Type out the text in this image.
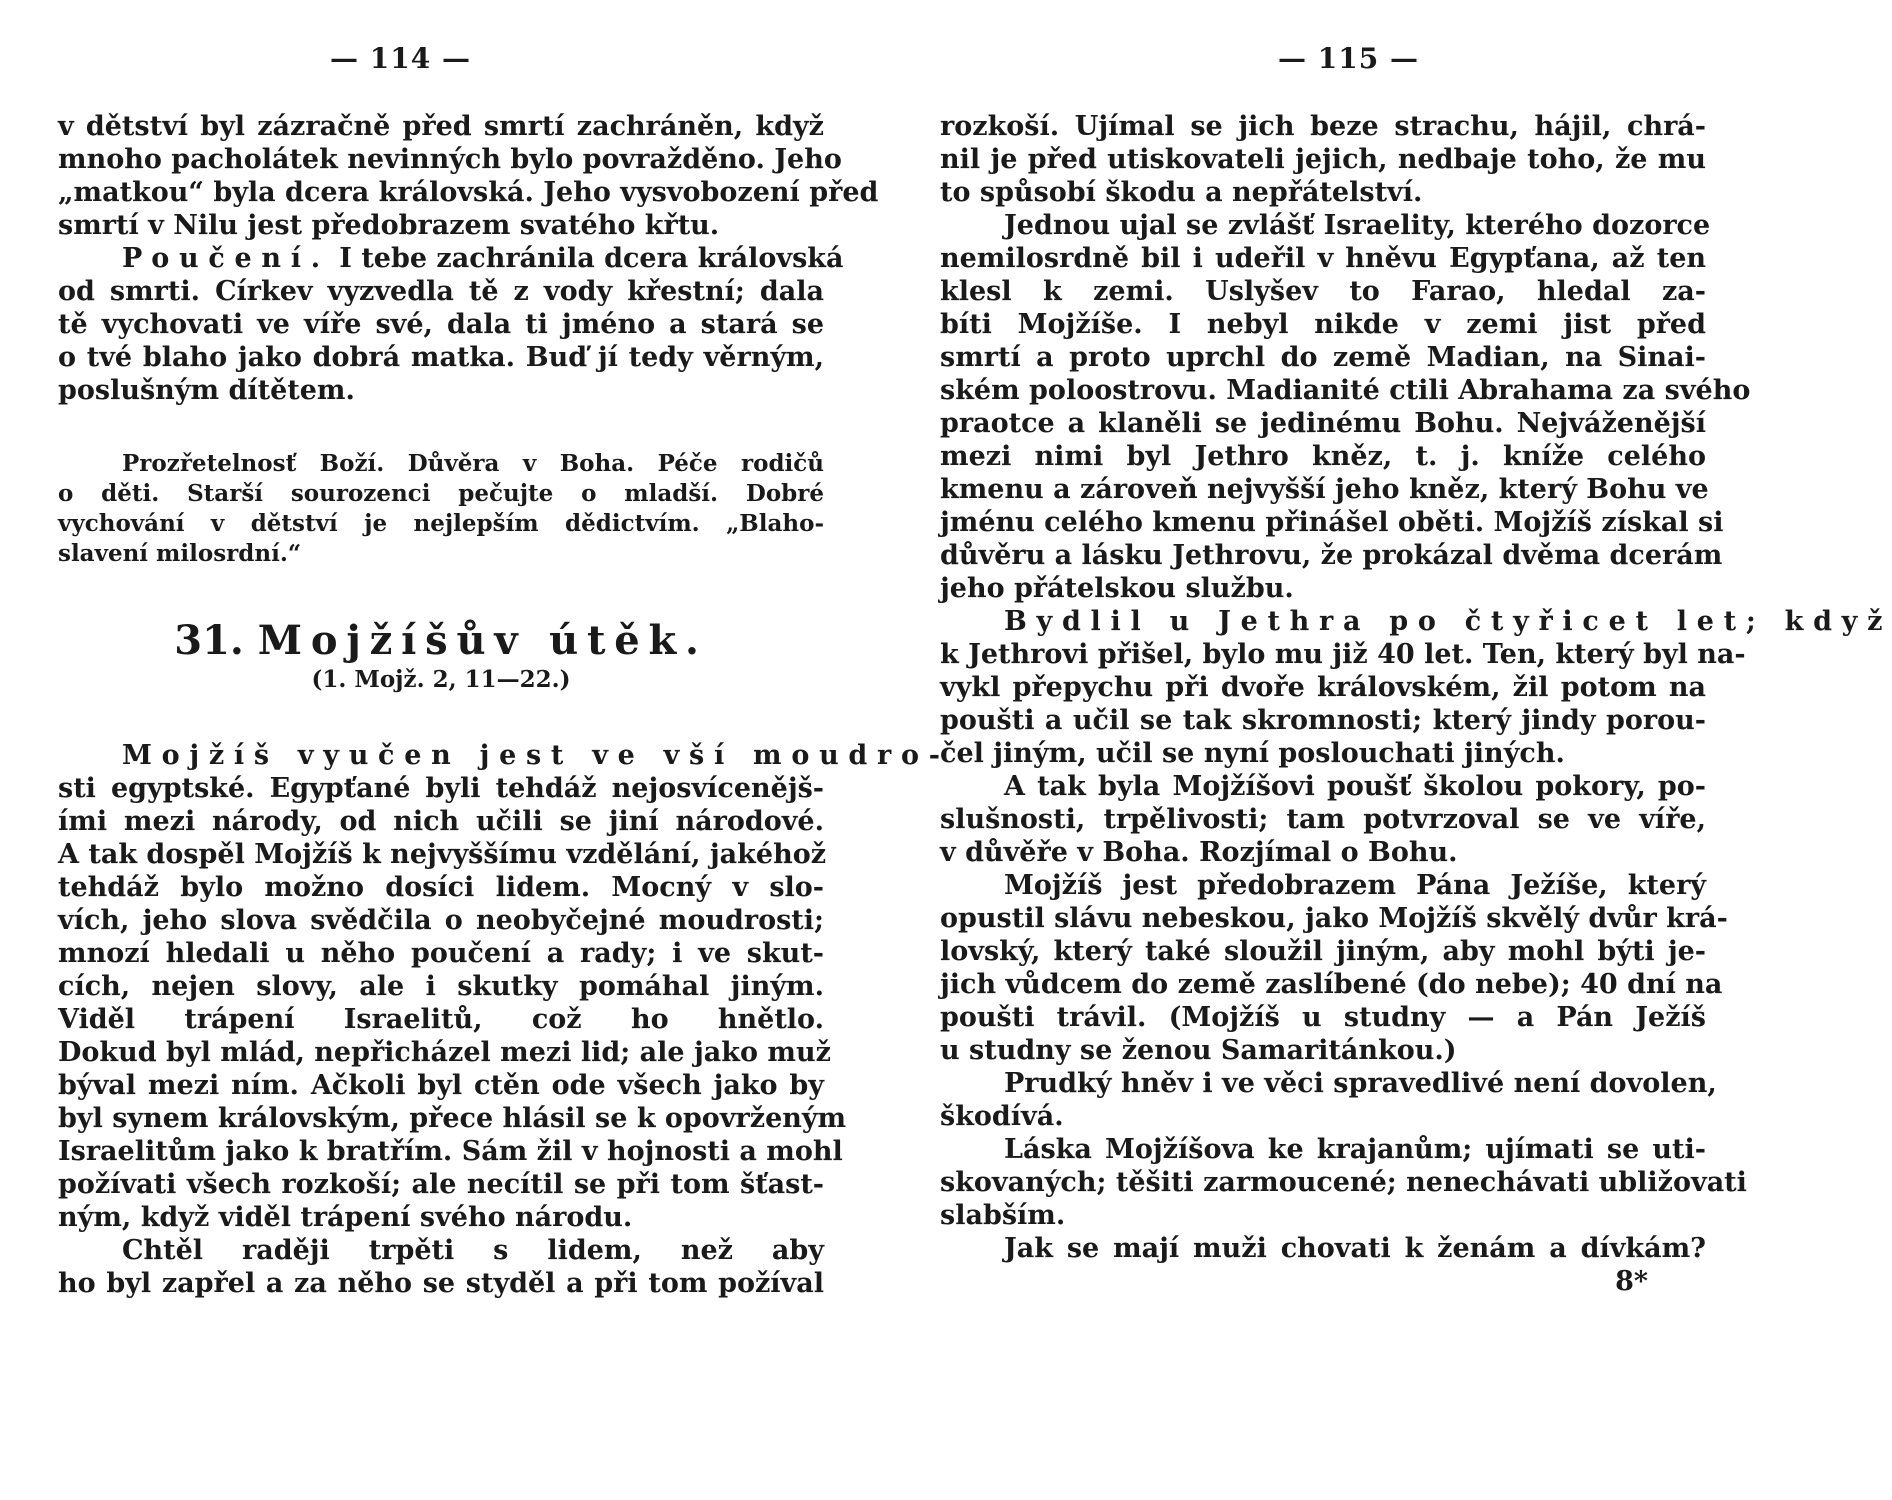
— 114 —
v dětství byl zázračně před smrtí zachráněn, když
mnoho pacholátek nevinných bylo povražděno. Jeho
„matkou“ byla dcera královská. Jeho vysvobození před
smrtí v Nilu jest předobrazem svatého křtu.
Poučení. I tebe zachránila dcera královská
od smrti. Církev vyzvedla tě z vody křestní; dala
tě vychovati ve víře své, dala ti jméno a stará se
o tvé blaho jako dobrá matka. Buď jí tedy věrným,
poslušným dítětem.
Prozřetelnosť Boží. Důvěra v Boha. Péče rodičů
o děti. Starší sourozenci pečujte o mladší. Dobré
vychování v dětství je nejlepším dědictvím. „Blaho-
slavení milosrdní.“
31. Mojžíšův útěk.
(1. Mojž. 2, 11—22.)
Mojžíš vyučen jest ve vší moudro-
sti egyptské. Egypťané byli tehdáž nejosvícenějš-
ími mezi národy, od nich učili se jiní národové.
A tak dospěl Mojžíš k nejvyššímu vzdělání, jakéhož
tehdáž bylo možno dosíci lidem. Mocný v slo-
vích, jeho slova svědčila o neobyčejné moudrosti;
mnozí hledali u něho poučení a rady; i ve skut-
cích, nejen slovy, ale i skutky pomáhal jiným.
Viděl trápení Israelitů, což ho hnětlo.
Dokud byl mlád, nepřicházel mezi lid; ale jako muž
býval mezi ním. Ačkoli byl ctěn ode všech jako by
byl synem královským, přece hlásil se k opovrženým
Israelitům jako k bratřím. Sám žil v hojnosti a mohl
požívati všech rozkoší; ale necítil se při tom šťast-
ným, když viděl trápení svého národu.
Chtěl raději trpěti s lidem, než aby
ho byl zapřel a za něho se styděl a při tom požíval
— 115 —
rozkoší. Ujímal se jich beze strachu, hájil, chrá-
nil je před utiskovateli jejich, nedbaje toho, že mu
to spůsobí škodu a nepřátelství.
Jednou ujal se zvlášť Israelity, kterého dozorce
nemilosrdně bil i udeřil v hněvu Egypťana, až ten
klesl k zemi. Uslyšev to Farao, hledal za-
bíti Mojžíše. I nebyl nikde v zemi jist před
smrtí a proto uprchl do země Madian, na Sinai-
ském poloostrovu. Madianité ctili Abrahama za svého
praotce a klaněli se jedinému Bohu. Nejváženější
mezi nimi byl Jethro kněz, t. j. kníže celého
kmenu a zároveň nejvyšší jeho kněz, který Bohu ve
jménu celého kmenu přinášel oběti. Mojžíš získal si
důvěru a lásku Jethrovu, že prokázal dvěma dcerám
jeho přátelskou službu.
Bydlil u Jethra po čtyřicet let; když
k Jethrovi přišel, bylo mu již 40 let. Ten, který byl na-
vykl přepychu při dvoře královském, žil potom na
poušti a učil se tak skromnosti; který jindy porou-
čel jiným, učil se nyní poslouchati jiných.
A tak byla Mojžíšovi poušť školou pokory, po-
slušnosti, trpělivosti; tam potvrzoval se ve víře,
v důvěře v Boha. Rozjímal o Bohu.
Mojžíš jest předobrazem Pána Ježíše, který
opustil slávu nebeskou, jako Mojžíš skvělý dvůr krá-
lovský, který také sloužil jiným, aby mohl býti je-
jich vůdcem do země zaslíbené (do nebe); 40 dní na
poušti trávil. (Mojžíš u studny — a Pán Ježíš
u studny se ženou Samaritánkou.)
Prudký hněv i ve věci spravedlivé není dovolen,
škodívá.
Láska Mojžíšova ke krajanům; ujímati se uti-
skovaných; těšiti zarmoucené; nenechávati ubližovati
slabším.
Jak se mají muži chovati k ženám a dívkám?
8*
